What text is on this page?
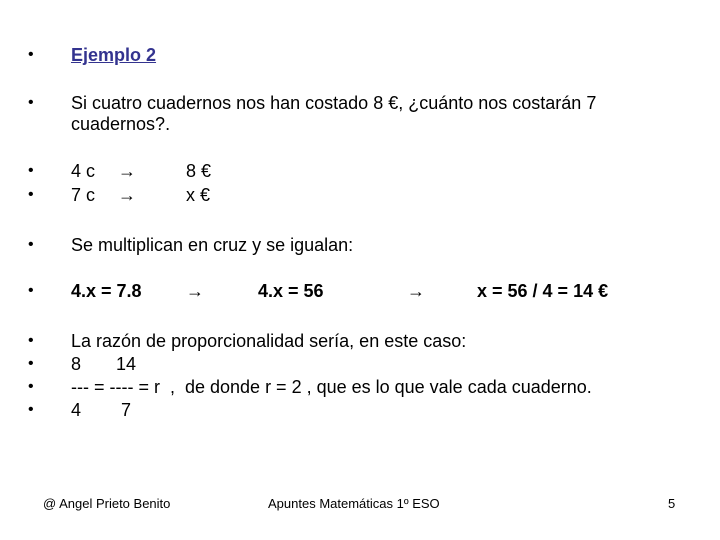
•
•
•
•
•
•
•
•
•
•
Ejemplo 2
Si cuatro cuadernos nos han costado 8 €, ¿cuánto nos costarán 7
cuadernos?.
4 c →	8 €
7 c →	x €
Se multiplican en cruz y se igualan:
4.x = 7.8 →	4.x = 56	→	x = 56 / 4 = 14 €
La razón de proporcionalidad sería, en este caso:
8       14
--- = ---- = r  ,  de donde r = 2 , que es lo que vale cada cuaderno.
4        7
@ Angel Prieto Benito	Apuntes Matemáticas 1º ESO	5
